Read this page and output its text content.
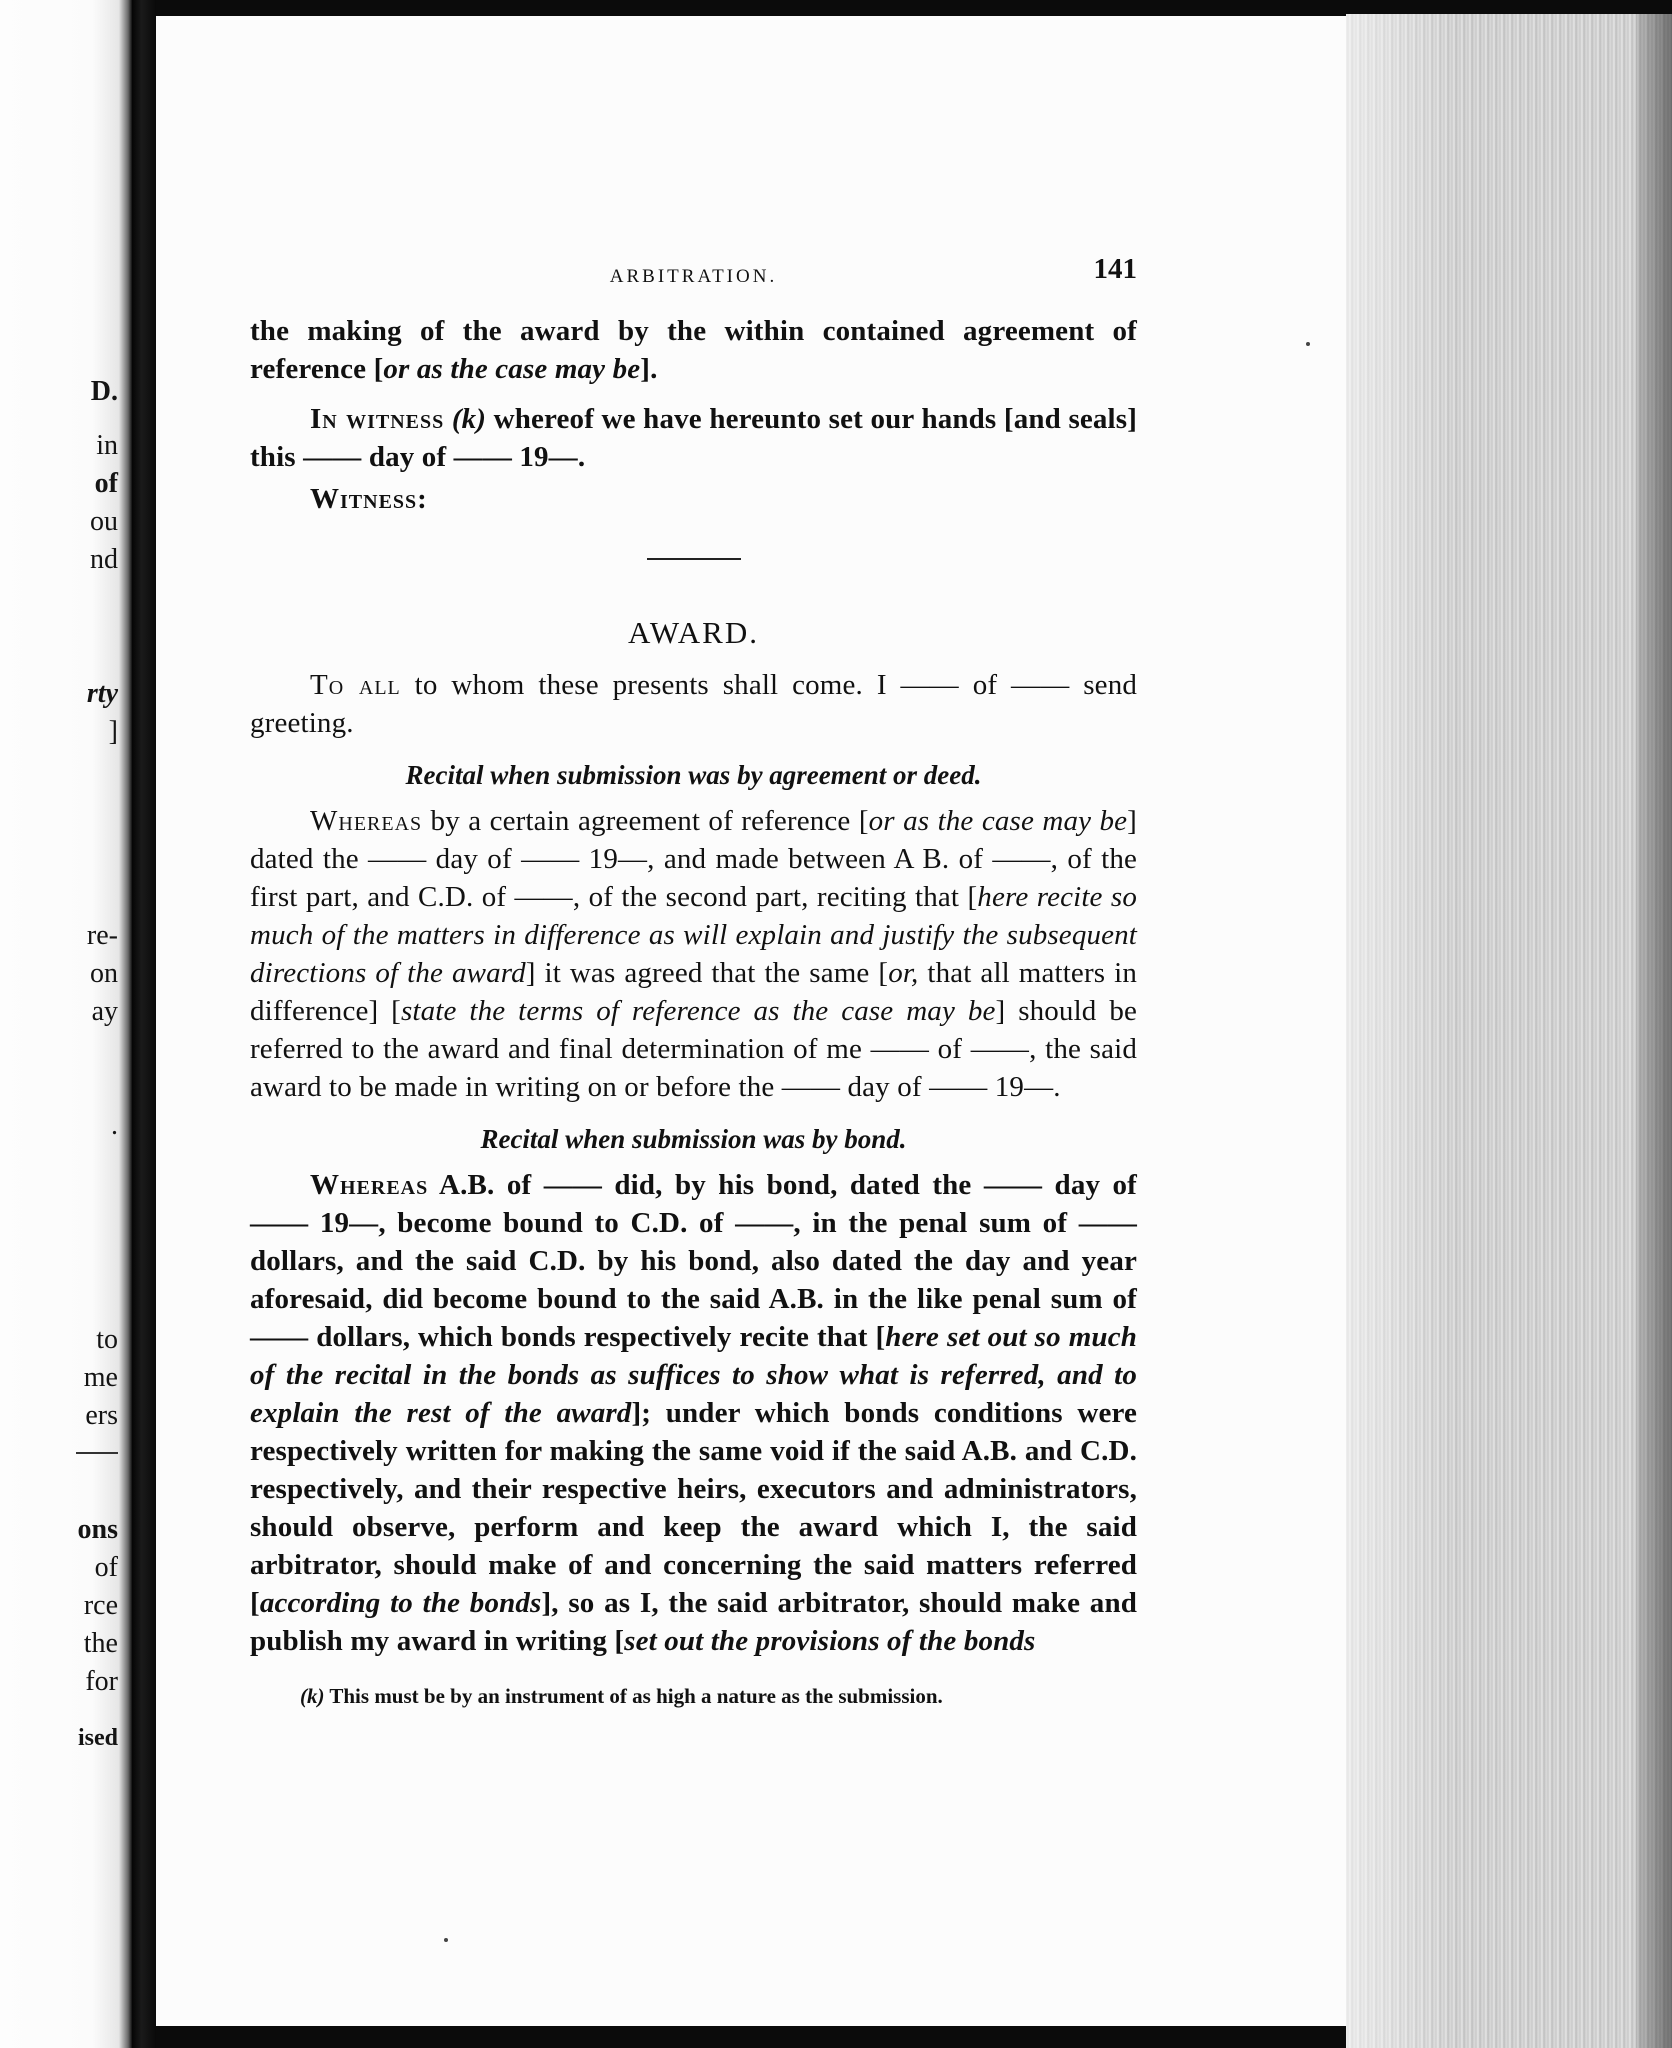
D.
in
of
ou
nd
rty
]
re-
on
ay
.
to
me
ers
ons
of
rce
the
for
ised
ARBITRATION.	141

the making of the award by the within contained agreement of reference [or as the case may be].

In witness (k) whereof we have hereunto set our hands [and seals] this —— day of —— 19—.

Witness:

AWARD.

To all to whom these presents shall come. I —— of —— send greeting.

Recital when submission was by agreement or deed.

Whereas by a certain agreement of reference [or as the case may be] dated the —— day of —— 19—, and made between A B. of ——, of the first part, and C.D. of ——, of the second part, reciting that [here recite so much of the matters in difference as will explain and justify the subsequent directions of the award] it was agreed that the same [or, that all matters in difference] [state the terms of reference as the case may be] should be referred to the award and final determination of me —— of ——, the said award to be made in writing on or before the —— day of —— 19—.

Recital when submission was by bond.

Whereas A.B. of —— did, by his bond, dated the —— day of —— 19—, become bound to C.D. of ——, in the penal sum of —— dollars, and the said C.D. by his bond, also dated the day and year aforesaid, did become bound to the said A.B. in the like penal sum of —— dollars, which bonds respectively recite that [here set out so much of the recital in the bonds as suffices to show what is referred, and to explain the rest of the award]; under which bonds conditions were respectively written for making the same void if the said A.B. and C.D. respectively, and their respective heirs, executors and administrators, should observe, perform and keep the award which I, the said arbitrator, should make of and concerning the said matters referred [according to the bonds], so as I, the said arbitrator, should make and publish my award in writing [set out the provisions of the bonds

(k) This must be by an instrument of as high a nature as the submission.
